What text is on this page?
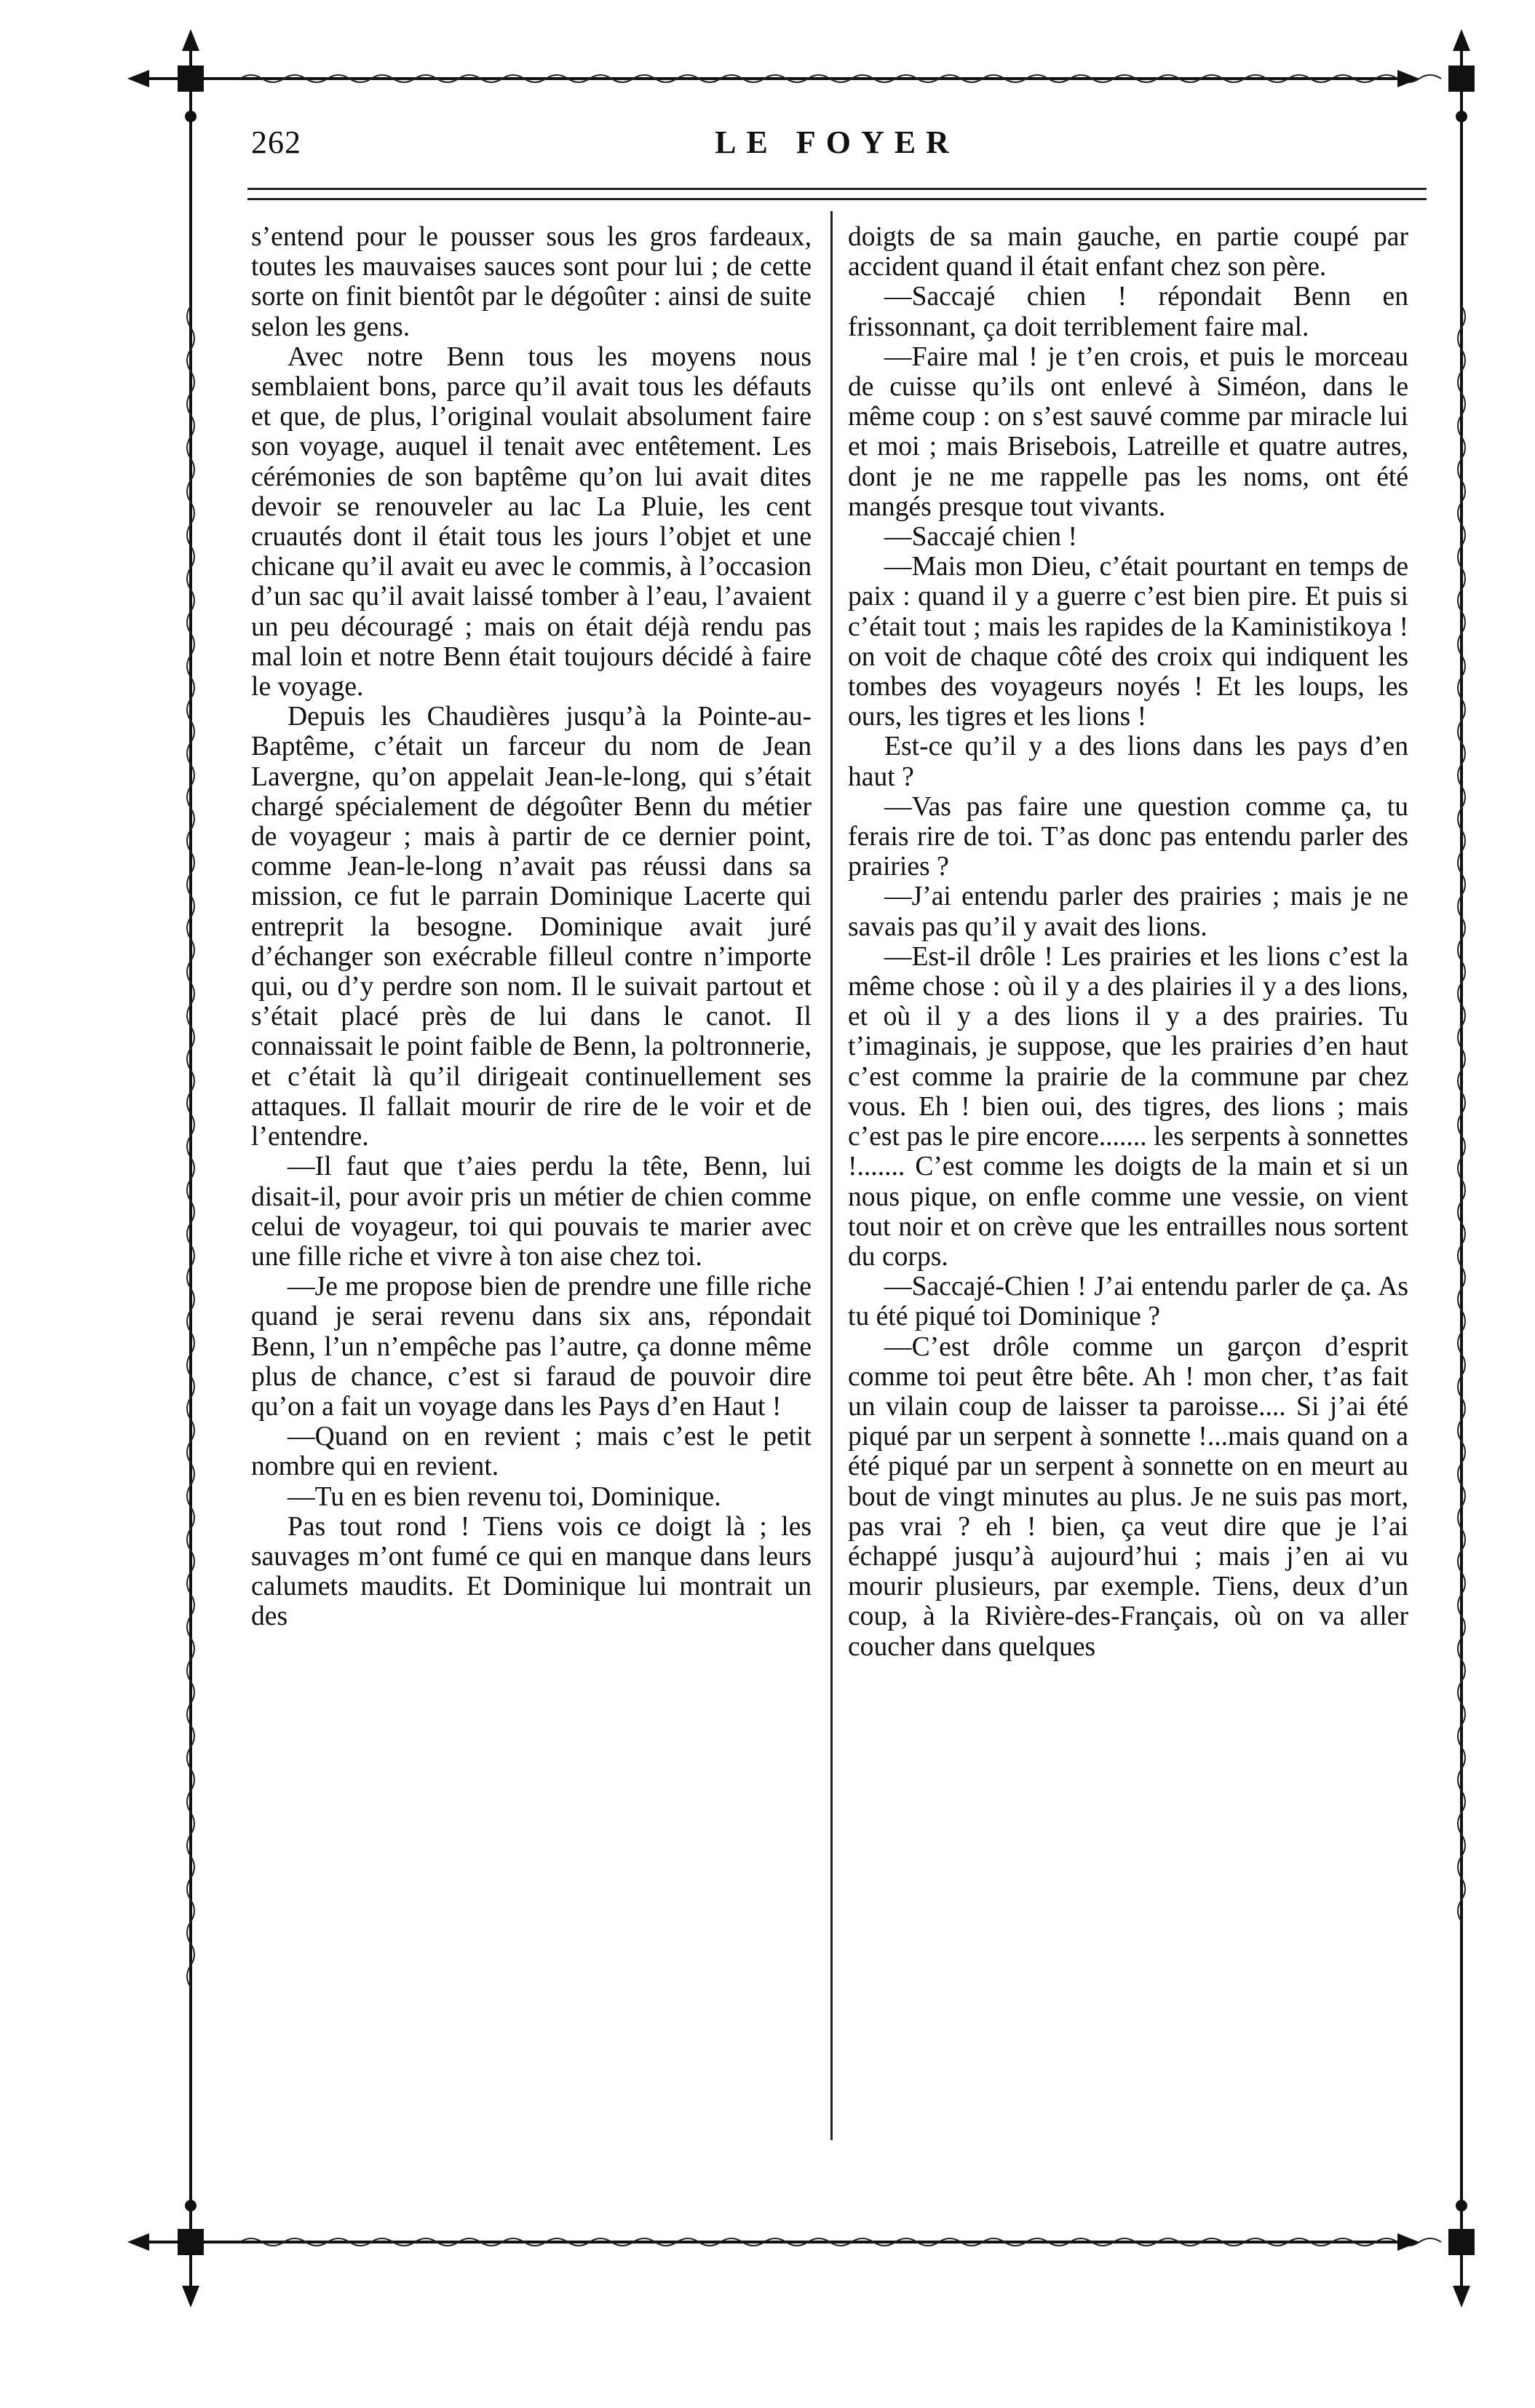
262	LE FOYER

s’entend pour le pousser sous les gros fardeaux, toutes les mauvaises sauces sont pour lui ; de cette sorte on finit bientôt par le dégoûter : ainsi de suite selon les gens.

Avec notre Benn tous les moyens nous semblaient bons, parce qu’il avait tous les défauts et que, de plus, l’original voulait absolument faire son voyage, auquel il tenait avec entêtement. Les cérémonies de son baptême qu’on lui avait dites devoir se renouveler au lac La Pluie, les cent cruautés dont il était tous les jours l’objet et une chicane qu’il avait eu avec le commis, à l’occasion d’un sac qu’il avait laissé tomber à l’eau, l’avaient un peu découragé ; mais on était déjà rendu pas mal loin et notre Benn était toujours décidé à faire le voyage.

Depuis les Chaudières jusqu’à la Pointe-au-Baptême, c’était un farceur du nom de Jean Lavergne, qu’on appelait Jean-le-long, qui s’était chargé spécialement de dégoûter Benn du métier de voyageur ; mais à partir de ce dernier point, comme Jean-le-long n’avait pas réussi dans sa mission, ce fut le parrain Dominique Lacerte qui entreprit la besogne. Dominique avait juré d’échanger son exécrable filleul contre n’importe qui, ou d’y perdre son nom. Il le suivait partout et s’était placé près de lui dans le canot. Il connaissait le point faible de Benn, la poltronnerie, et c’était là qu’il dirigeait continuellement ses attaques. Il fallait mourir de rire de le voir et de l’entendre.

—Il faut que t’aies perdu la tête, Benn, lui disait-il, pour avoir pris un métier de chien comme celui de voyageur, toi qui pouvais te marier avec une fille riche et vivre à ton aise chez toi.

—Je me propose bien de prendre une fille riche quand je serai revenu dans six ans, répondait Benn, l’un n’empêche pas l’autre, ça donne même plus de chance, c’est si faraud de pouvoir dire qu’on a fait un voyage dans les Pays d’en Haut !

—Quand on en revient ; mais c’est le petit nombre qui en revient.

—Tu en es bien revenu toi, Dominique.

Pas tout rond ! Tiens vois ce doigt là ; les sauvages m’ont fumé ce qui en manque dans leurs calumets maudits. Et Dominique lui montrait un des

doigts de sa main gauche, en partie coupé par accident quand il était enfant chez son père.

—Saccajé chien ! répondait Benn en frissonnant, ça doit terriblement faire mal.

—Faire mal ! je t’en crois, et puis le morceau de cuisse qu’ils ont enlevé à Siméon, dans le même coup : on s’est sauvé comme par miracle lui et moi ; mais Brisebois, Latreille et quatre autres, dont je ne me rappelle pas les noms, ont été mangés presque tout vivants.

—Saccajé chien !

—Mais mon Dieu, c’était pourtant en temps de paix : quand il y a guerre c’est bien pire. Et puis si c’était tout ; mais les rapides de la Kaministikoya ! on voit de chaque côté des croix qui indiquent les tombes des voyageurs noyés ! Et les loups, les ours, les tigres et les lions !

Est-ce qu’il y a des lions dans les pays d’en haut ?

—Vas pas faire une question comme ça, tu ferais rire de toi. T’as donc pas entendu parler des prairies ?

—J’ai entendu parler des prairies ; mais je ne savais pas qu’il y avait des lions.

—Est-il drôle ! Les prairies et les lions c’est la même chose : où il y a des plairies il y a des lions, et où il y a des lions il y a des prairies. Tu t’imaginais, je suppose, que les prairies d’en haut c’est comme la prairie de la commune par chez vous. Eh ! bien oui, des tigres, des lions ; mais c’est pas le pire encore....... les serpents à sonnettes !....... C’est comme les doigts de la main et si un nous pique, on enfle comme une vessie, on vient tout noir et on crève que les entrailles nous sortent du corps.

—Saccajé-Chien ! J’ai entendu parler de ça. As tu été piqué toi Dominique ?

—C’est drôle comme un garçon d’esprit comme toi peut être bête. Ah ! mon cher, t’as fait un vilain coup de laisser ta paroisse.... Si j’ai été piqué par un serpent à sonnette !...mais quand on a été piqué par un serpent à sonnette on en meurt au bout de vingt minutes au plus. Je ne suis pas mort, pas vrai ? eh ! bien, ça veut dire que je l’ai échappé jusqu’à aujourd’hui ; mais j’en ai vu mourir plusieurs, par exemple. Tiens, deux d’un coup, à la Rivière-des-Français, où on va aller coucher dans quelques
